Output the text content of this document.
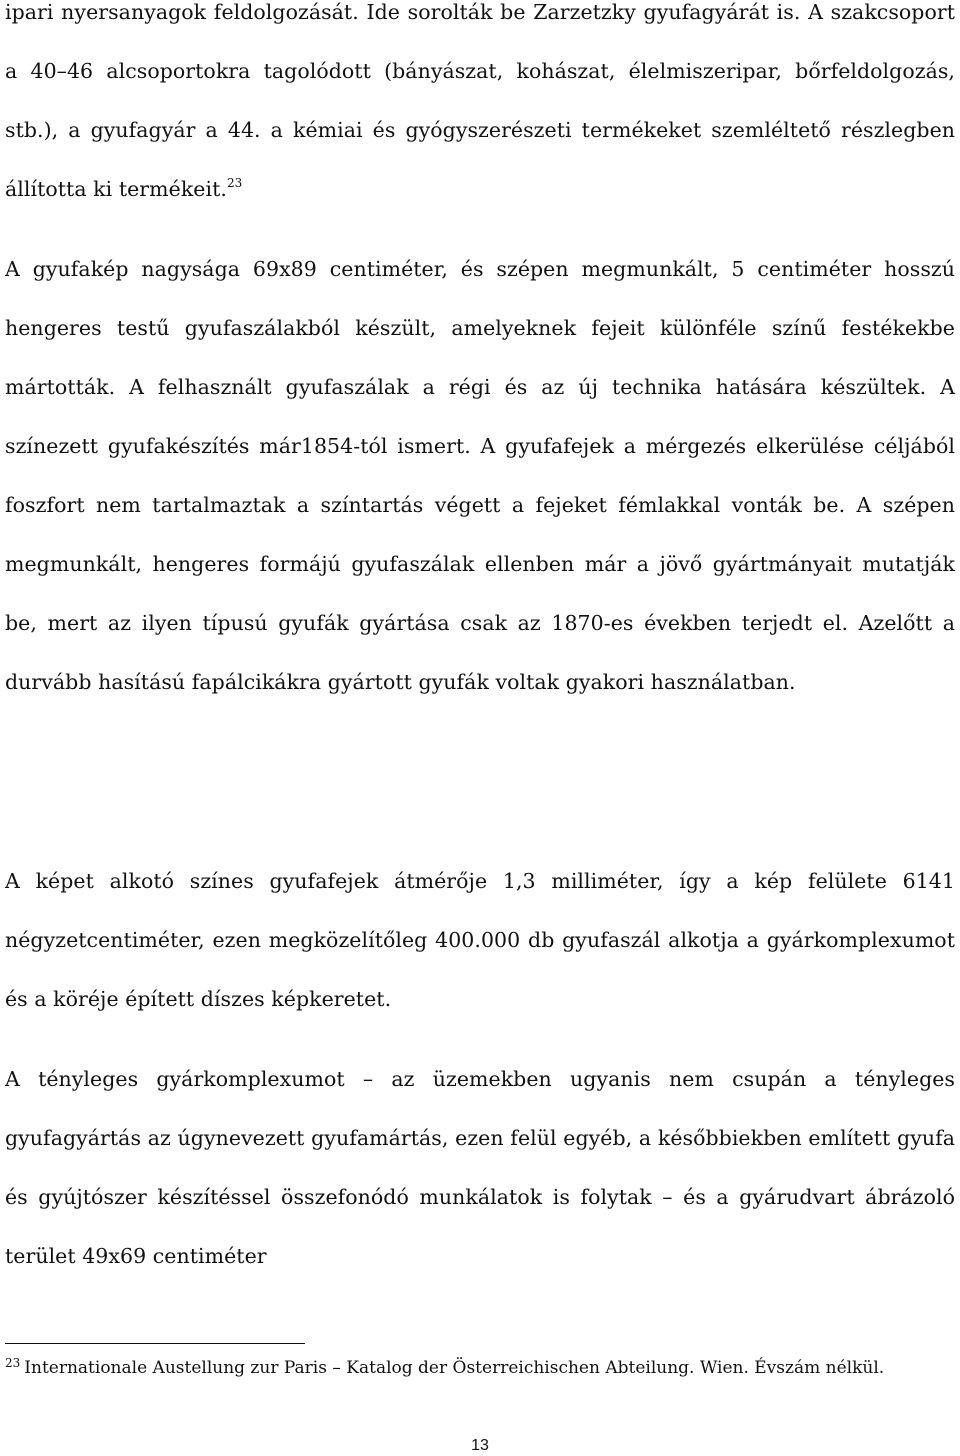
ipari nyersanyagok feldolgozását. Ide sorolták be Zarzetzky gyufagyárát is. A szakcsoport a 40–46 alcsoportokra tagolódott (bányászat, kohászat, élelmiszeripar, bőrfeldolgozás, stb.), a gyufagyár a 44. a kémiai és gyógyszerészeti termékeket szemléltető részlegben állította ki termékeit.$^{23}$

A gyufakép nagysága 69x89 centiméter, és szépen megmunkált, 5 centiméter hosszú hengeres testű gyufaszálakból készült, amelyeknek fejeit különféle színű festékekbe mártották. A felhasznált gyufaszálak a régi és az új technika hatására készültek. A színezett gyufakészítés már1854-tól ismert. A gyufafejek a mérgezés elkerülése céljából foszfort nem tartalmaztak a színtartás végett a fejeket fémlakkal vonták be. A szépen megmunkált, hengeres formájú gyufaszálak ellenben már a jövő gyártmányait mutatják be, mert az ilyen típusú gyufák gyártása csak az 1870-es években terjedt el. Azelőtt a durvább hasítású fapálcikákra gyártott gyufák voltak gyakori használatban.

A képet alkotó színes gyufafejek átmérője 1,3 milliméter, így a kép felülete 6141 négyzetcentiméter, ezen megközelítőleg 400.000 db gyufaszál alkotja a gyárkomplexumot és a köréje épített díszes képkeretet.

A tényleges gyárkomplexumot – az üzemekben ugyanis nem csupán a tényleges gyufagyártás az úgynevezett gyufamártás, ezen felül egyéb, a későbbiekben említett gyufa és gyújtószer készítéssel összefonódó munkálatok is folytak – és a gyárudvart ábrázoló terület 49x69 centiméter

$^{23}$ Internationale Austellung zur Paris – Katalog der Österreichischen Abteilung. Wien. Évszám nélkül.

13
